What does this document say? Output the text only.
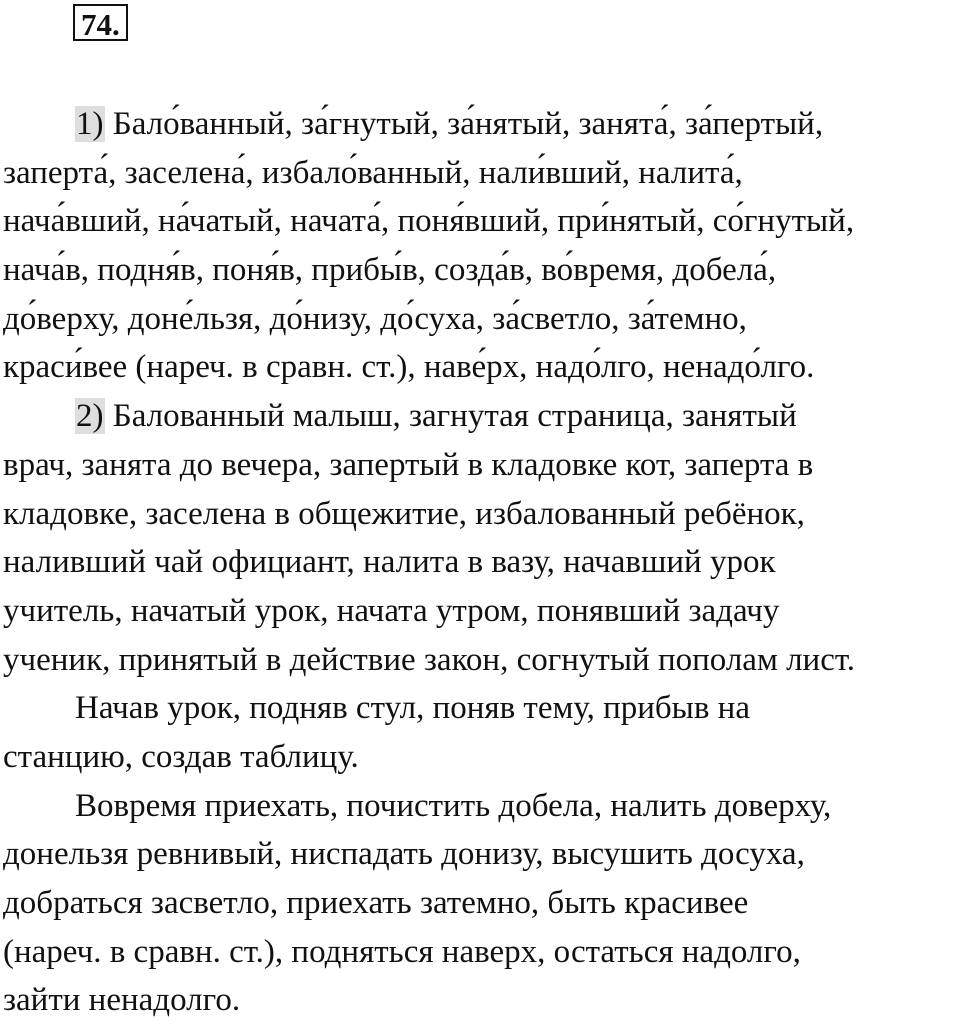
74.
1) Бало́ванный, за́гнутый, за́нятый, занята́, за́пертый,
заперта́, заселена́, избало́ванный, нали́вший, налита́,
нача́вший, на́чатый, начата́, поня́вший, при́нятый, со́гнутый,
нача́в, подня́в, поня́в, прибы́в, созда́в, во́время, добела́,
до́верху, доне́льзя, до́низу, до́суха, за́светло, за́темно,
краси́вее (нареч. в сравн. ст.), наве́рх, надо́лго, ненадо́лго.
2) Балованный малыш, загнутая страница, занятый
врач, занята до вечера, запертый в кладовке кот, заперта в
кладовке, заселена в общежитие, избалованный ребёнок,
наливший чай официант, налита в вазу, начавший урок
учитель, начатый урок, начата утром, понявший задачу
ученик, принятый в действие закон, согнутый пополам лист.
Начав урок, подняв стул, поняв тему, прибыв на
станцию, создав таблицу.
Вовремя приехать, почистить добела, налить доверху,
донельзя ревнивый, ниспадать донизу, высушить досуха,
добраться засветло, приехать затемно, быть красивее
(нареч. в сравн. ст.), подняться наверх, остаться надолго,
зайти ненадолго.
